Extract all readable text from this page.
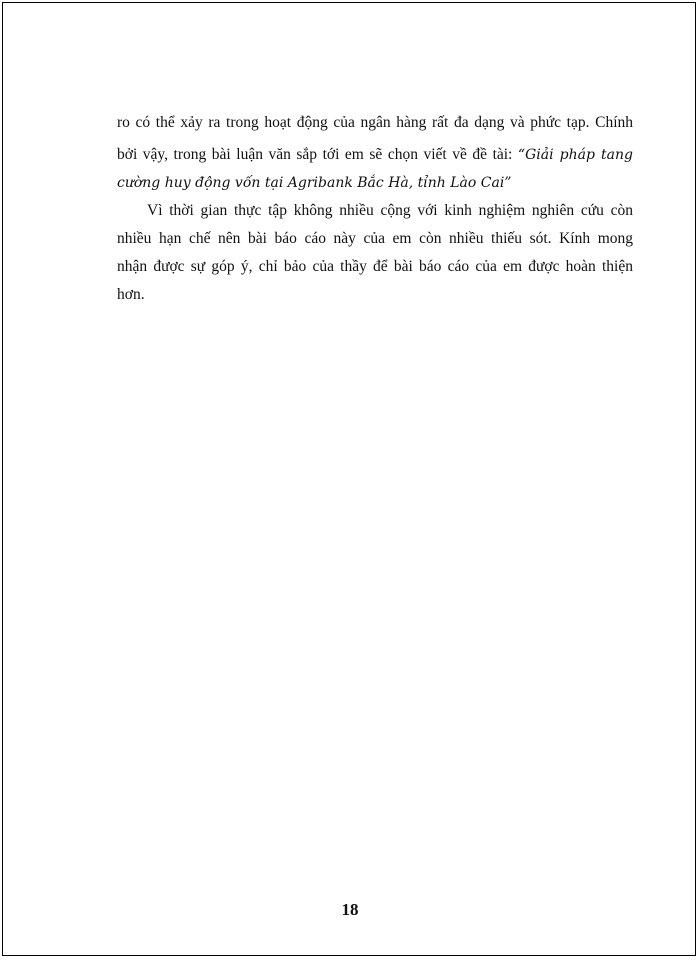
ro có thể xảy ra trong hoạt động của ngân hàng rất đa dạng và phức tạp. Chính
bởi vậy, trong bài luận văn sắp tới em sẽ chọn viết về đề tài: “Giải pháp tang
cường huy động vốn tại Agribank Bắc Hà, tỉnh Lào Cai”
Vì thời gian thực tập không nhiều cộng với kinh nghiệm nghiên cứu còn
nhiều hạn chế nên bài báo cáo này của em còn nhiều thiếu sót. Kính mong
nhận được sự góp ý, chỉ bảo của thầy để bài báo cáo của em được hoàn thiện
hơn.
18
